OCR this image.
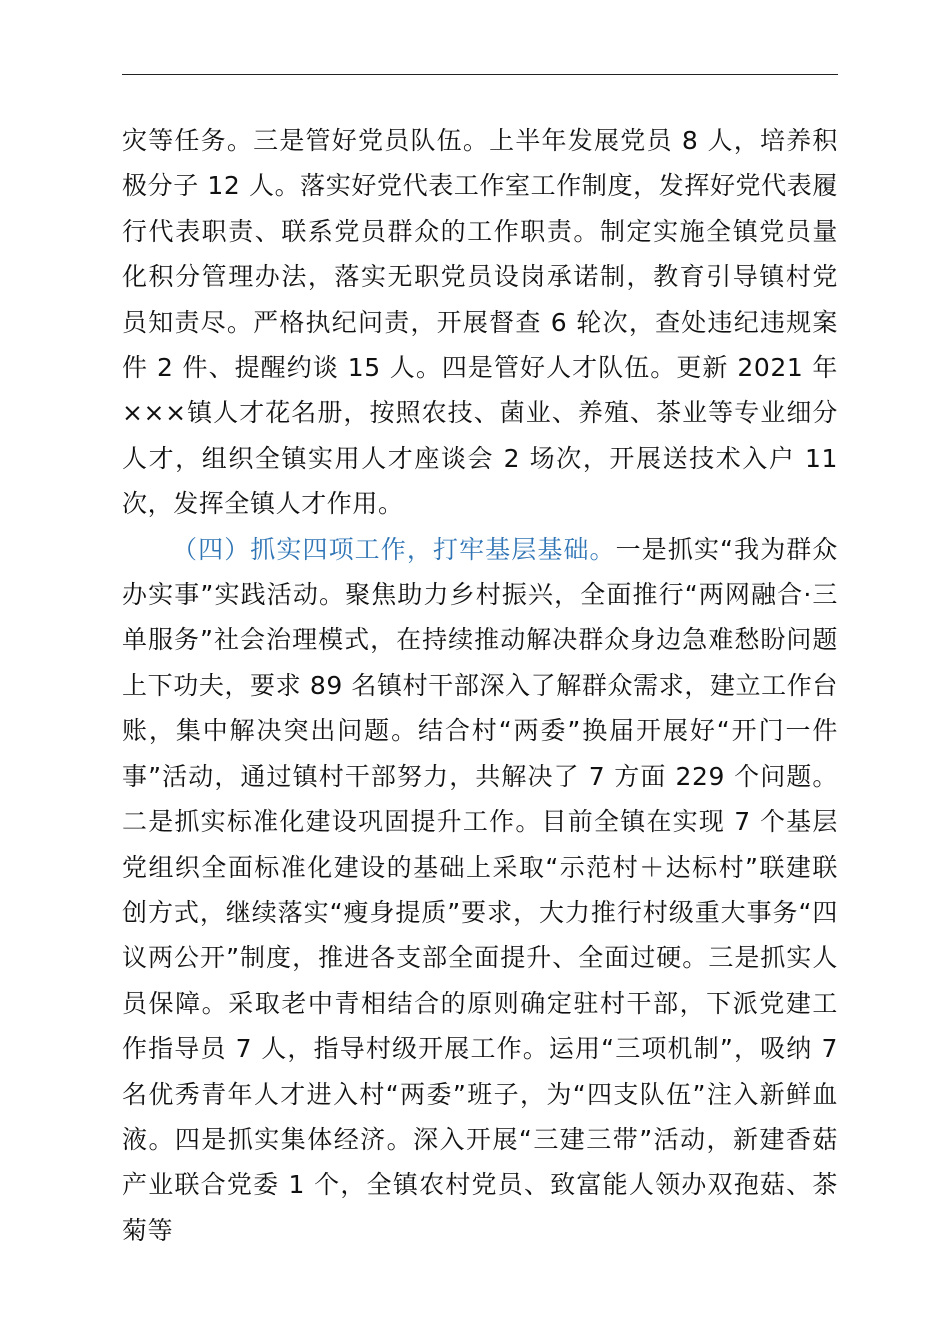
灾等任务。三是管好党员队伍。上半年发展党员 8 人，培养积极分子 12 人。落实好党代表工作室工作制度，发挥好党代表履行代表职责、联系党员群众的工作职责。制定实施全镇党员量化积分管理办法，落实无职党员设岗承诺制，教育引导镇村党员知责尽。严格执纪问责，开展督查 6 轮次，查处违纪违规案件 2 件、提醒约谈 15 人。四是管好人才队伍。更新 2021 年×××镇人才花名册，按照农技、菌业、养殖、茶业等专业细分人才，组织全镇实用人才座谈会 2 场次，开展送技术入户 11 次，发挥全镇人才作用。

（四）抓实四项工作，打牢基层基础。一是抓实“我为群众办实事”实践活动。聚焦助力乡村振兴，全面推行“两网融合·三单服务”社会治理模式，在持续推动解决群众身边急难愁盼问题上下功夫，要求 89 名镇村干部深入了解群众需求，建立工作台账，集中解决突出问题。结合村“两委”换届开展好“开门一件事”活动，通过镇村干部努力，共解决了 7 方面 229 个问题。二是抓实标准化建设巩固提升工作。目前全镇在实现 7 个基层党组织全面标准化建设的基础上采取“示范村＋达标村”联建联创方式，继续落实“瘦身提质”要求，大力推行村级重大事务“四议两公开”制度，推进各支部全面提升、全面过硬。三是抓实人员保障。采取老中青相结合的原则确定驻村干部，下派党建工作指导员 7 人，指导村级开展工作。运用“三项机制”，吸纳 7 名优秀青年人才进入村“两委”班子，为“四支队伍”注入新鲜血液。四是抓实集体经济。深入开展“三建三带”活动，新建香菇产业联合党委 1 个，全镇农村党员、致富能人领办双孢菇、茶菊等
